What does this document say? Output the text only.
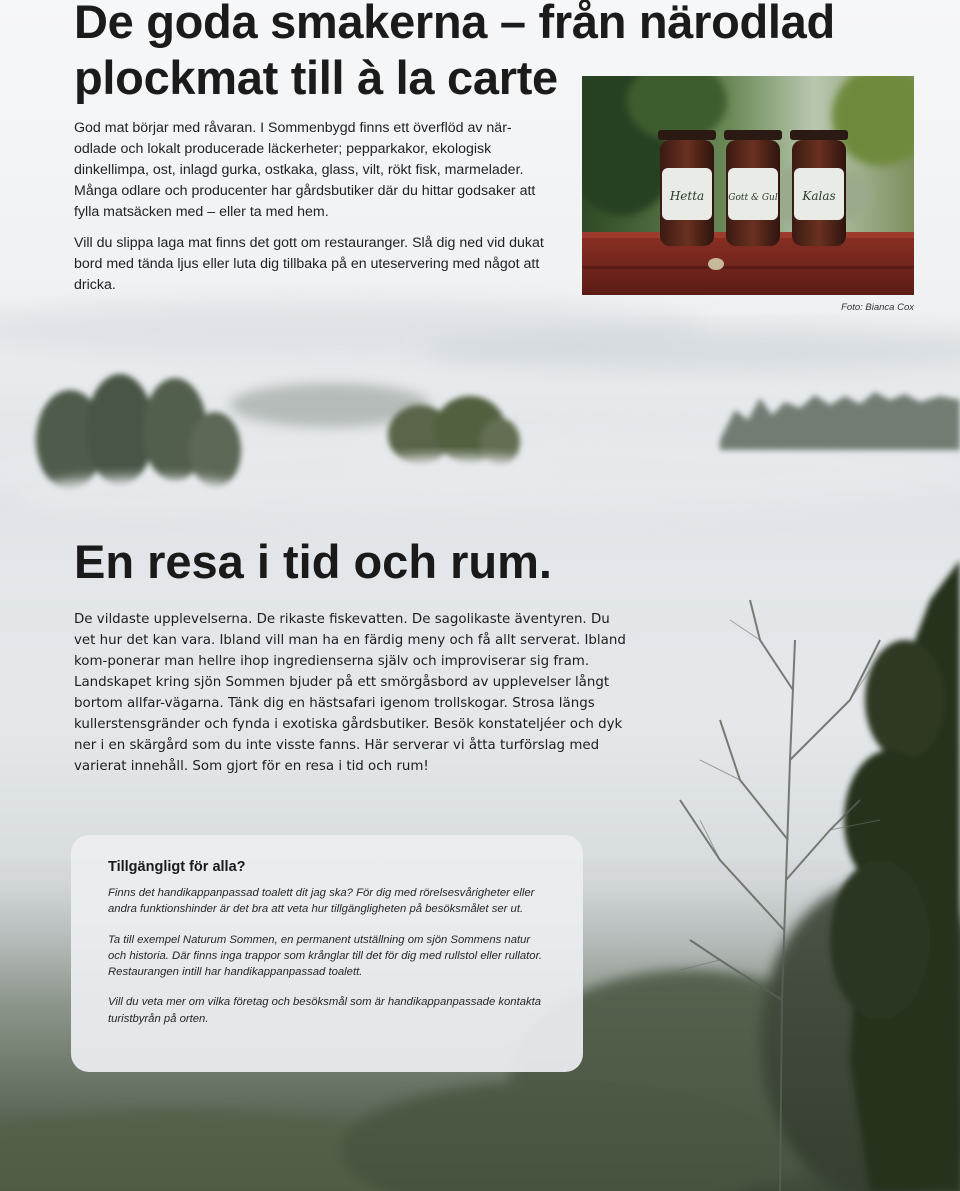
De goda smakerna – från närodlad
plockmat till à la carte

God mat börjar med råvaran. I Sommenbygd finns ett överflöd av när-odlade och lokalt producerade läckerheter; pepparkakor, ekologisk dinkellimpa, ost, inlagd gurka, ostkaka, glass, vilt, rökt fisk, marmelader. Många odlare och producenter har gårdsbutiker där du hittar godsaker att fylla matsäcken med – eller ta med hem.

Vill du slippa laga mat finns det gott om restauranger. Slå dig ned vid dukat bord med tända ljus eller luta dig tillbaka på en uteservering med något att dricka.

Hetta	Gott & Gul Kalas
Foto: Bianca Cox
En resa i tid och rum.

De vildaste upplevelserna. De rikaste fiskevatten. De sagolikaste äventyren. Du vet hur det kan vara. Ibland vill man ha en färdig meny och få allt serverat. Ibland kom-ponerar man hellre ihop ingredienserna själv och improviserar sig fram. Landskapet kring sjön Sommen bjuder på ett smörgåsbord av upplevelser långt bortom allfar-vägarna. Tänk dig en hästsafari igenom trollskogar. Strosa längs kullerstensgränder och fynda i exotiska gårdsbutiker. Besök konstateljéer och dyk ner i en skärgård som du inte visste fanns. Här serverar vi åtta turförslag med varierat innehåll. Som gjort för en resa i tid och rum!

Tillgängligt för alla?

Finns det handikappanpassad toalett dit jag ska? För dig med rörelsesvårigheter eller andra funktionshinder är det bra att veta hur tillgängligheten på besöksmålet ser ut.

Ta till exempel Naturum Sommen, en permanent utställning om sjön Sommens natur och historia. Där finns inga trappor som krånglar till det för dig med rullstol eller rullator. Restaurangen intill har handikappanpassad toalett.

Vill du veta mer om vilka företag och besöksmål som är handikappanpassade kontakta turistbyrån på orten.
